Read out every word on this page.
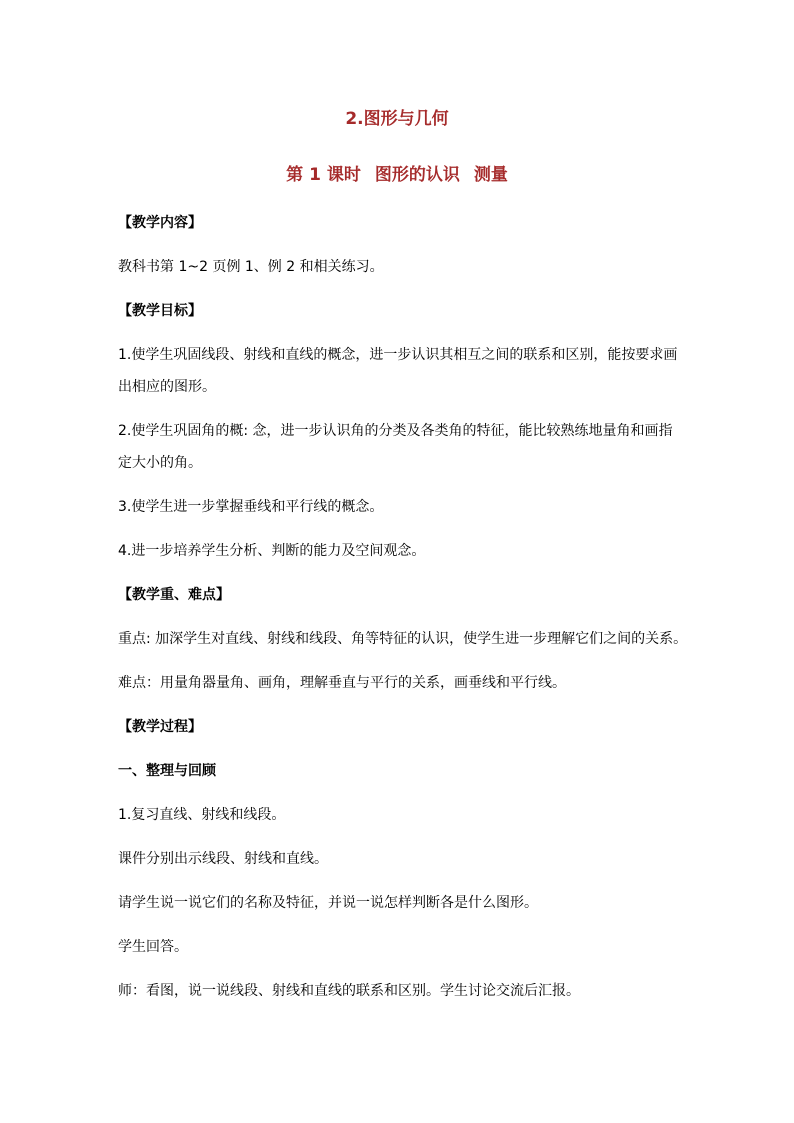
2.图形与几何
第 1 课时 图形的认识 测量
【教学内容】
教科书第 1~2 页例 1、例 2 和相关练习。
【教学目标】
1.使学生巩固线段、射线和直线的概念，进一步认识其相互之间的联系和区别，能按要求画
出相应的图形。
2.使学生巩固角的概: 念，进一步认识角的分类及各类角的特征，能比较熟练地量角和画指
定大小的角。
3.使学生进一步掌握垂线和平行线的概念。
4.进一步培养学生分析、判断的能力及空间观念。
【教学重、难点】
重点: 加深学生对直线、射线和线段、角等特征的认识，使学生进一步理解它们之间的关系。
难点：用量角器量角、画角，理解垂直与平行的关系，画垂线和平行线。
【教学过程】
一、整理与回顾
1.复习直线、射线和线段。
课件分别出示线段、射线和直线。
请学生说一说它们的名称及特征，并说一说怎样判断各是什么图形。
学生回答。
师：看图，说一说线段、射线和直线的联系和区别。学生讨论交流后汇报。
